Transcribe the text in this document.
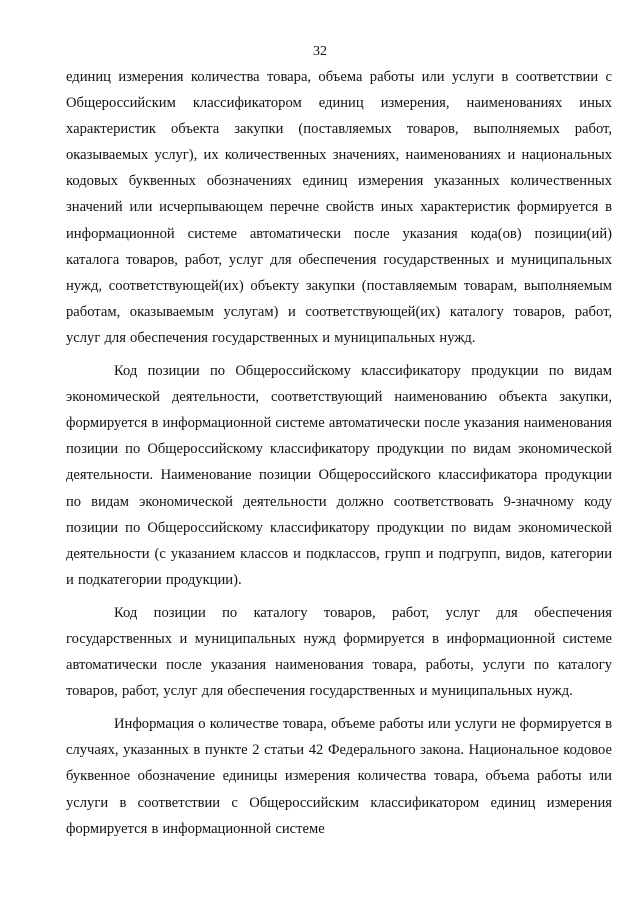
32

единиц измерения количества товара, объема работы или услуги в соответствии с Общероссийским классификатором единиц измерения, наименованиях иных характеристик объекта закупки (поставляемых товаров, выполняемых работ, оказываемых услуг), их количественных значениях, наименованиях и национальных кодовых буквенных обозначениях единиц измерения указанных количественных значений или исчерпывающем перечне свойств иных характеристик формируется в информационной системе автоматически после указания кода(ов) позиции(ий) каталога товаров, работ, услуг для обеспечения государственных и муниципальных нужд, соответствующей(их) объекту закупки (поставляемым товарам, выполняемым работам, оказываемым услугам) и соответствующей(их) каталогу товаров, работ, услуг для обеспечения государственных и муниципальных нужд.

Код позиции по Общероссийскому классификатору продукции по видам экономической деятельности, соответствующий наименованию объекта закупки, формируется в информационной системе автоматически после указания наименования позиции по Общероссийскому классификатору продукции по видам экономической деятельности. Наименование позиции Общероссийского классификатора продукции по видам экономической деятельности должно соответствовать 9-значному коду позиции по Общероссийскому классификатору продукции по видам экономической деятельности (с указанием классов и подклассов, групп и подгрупп, видов, категории и подкатегории продукции).

Код позиции по каталогу товаров, работ, услуг для обеспечения государственных и муниципальных нужд формируется в информационной системе автоматически после указания наименования товара, работы, услуги по каталогу товаров, работ, услуг для обеспечения государственных и муниципальных нужд.

Информация о количестве товара, объеме работы или услуги не формируется в случаях, указанных в пункте 2 статьи 42 Федерального закона. Национальное кодовое буквенное обозначение единицы измерения количества товара, объема работы или услуги в соответствии с Общероссийским классификатором единиц измерения формируется в информационной системе
